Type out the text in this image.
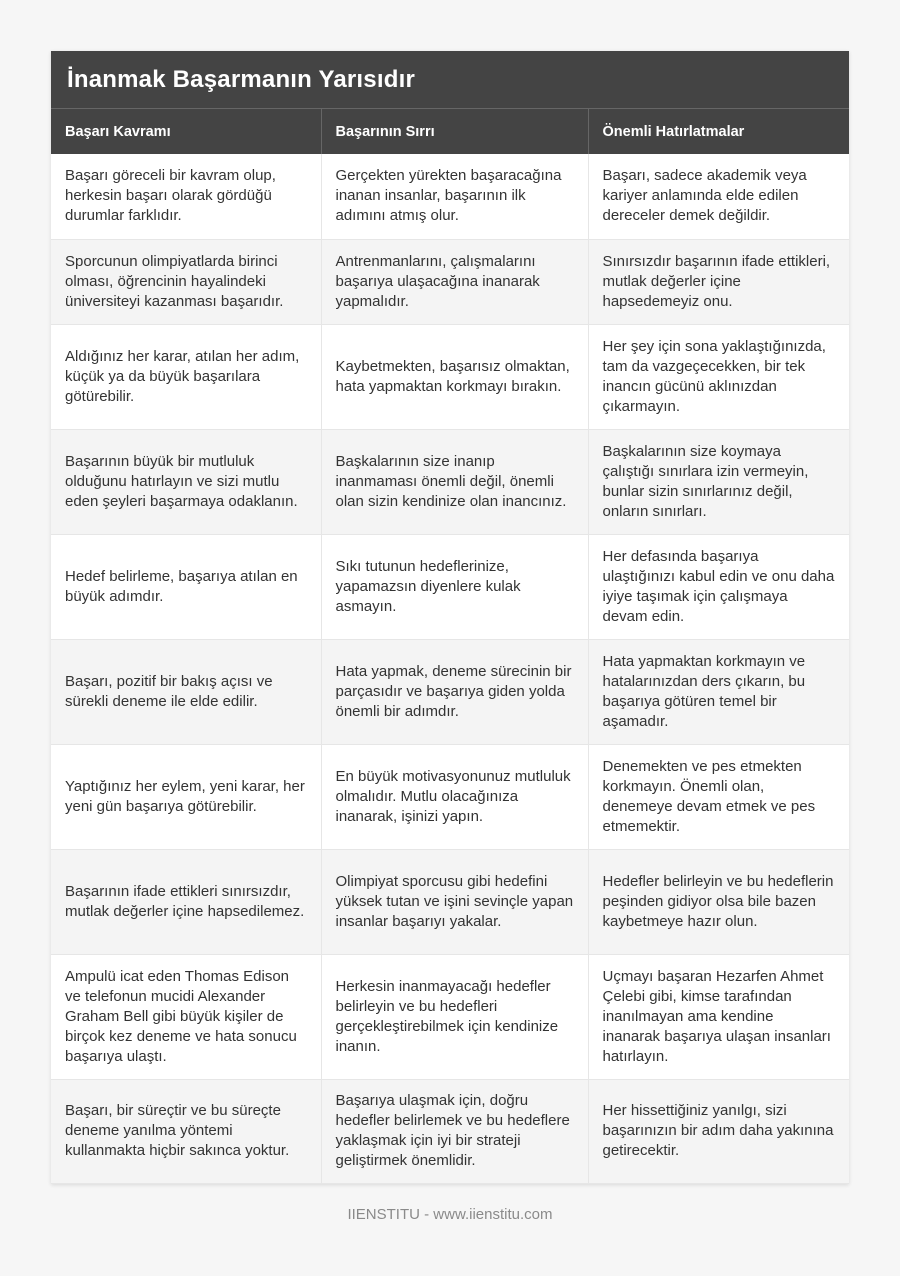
İnanmak Başarmanın Yarısıdır
Başarı Kavramı	Başarının Sırrı	Önemli Hatırlatmalar
Başarı göreceli bir kavram olup, herkesin başarı olarak gördüğü durumlar farklıdır.	Gerçekten yürekten başaracağına inanan insanlar, başarının ilk adımını atmış olur.	Başarı, sadece akademik veya kariyer anlamında elde edilen dereceler demek değildir.
Sporcunun olimpiyatlarda birinci olması, öğrencinin hayalindeki üniversiteyi kazanması başarıdır.	Antrenmanlarını, çalışmalarını başarıya ulaşacağına inanarak yapmalıdır.	Sınırsızdır başarının ifade ettikleri, mutlak değerler içine hapsedemeyiz onu.
Aldığınız her karar, atılan her adım, küçük ya da büyük başarılara götürebilir.	Kaybetmekten, başarısız olmaktan, hata yapmaktan korkmayı bırakın.	Her şey için sona yaklaştığınızda, tam da vazgeçecekken, bir tek inancın gücünü aklınızdan çıkarmayın.
Başarının büyük bir mutluluk olduğunu hatırlayın ve sizi mutlu eden şeyleri başarmaya odaklanın.	Başkalarının size inanıp inanmaması önemli değil, önemli olan sizin kendinize olan inancınız.	Başkalarının size koymaya çalıştığı sınırlara izin vermeyin, bunlar sizin sınırlarınız değil, onların sınırları.
Hedef belirleme, başarıya atılan en büyük adımdır.	Sıkı tutunun hedeflerinize, yapamazsın diyenlere kulak asmayın.	Her defasında başarıya ulaştığınızı kabul edin ve onu daha iyiye taşımak için çalışmaya devam edin.
Başarı, pozitif bir bakış açısı ve sürekli deneme ile elde edilir.	Hata yapmak, deneme sürecinin bir parçasıdır ve başarıya giden yolda önemli bir adımdır.	Hata yapmaktan korkmayın ve hatalarınızdan ders çıkarın, bu başarıya götüren temel bir aşamadır.
Yaptığınız her eylem, yeni karar, her yeni gün başarıya götürebilir.	En büyük motivasyonunuz mutluluk olmalıdır. Mutlu olacağınıza inanarak, işinizi yapın.	Denemekten ve pes etmekten korkmayın. Önemli olan, denemeye devam etmek ve pes etmemektir.
Başarının ifade ettikleri sınırsızdır, mutlak değerler içine hapsedilemez.	Olimpiyat sporcusu gibi hedefini yüksek tutan ve işini sevinçle yapan insanlar başarıyı yakalar.	Hedefler belirleyin ve bu hedeflerin peşinden gidiyor olsa bile bazen kaybetmeye hazır olun.
Ampulü icat eden Thomas Edison ve telefonun mucidi Alexander Graham Bell gibi büyük kişiler de birçok kez deneme ve hata sonucu başarıya ulaştı.	Herkesin inanmayacağı hedefler belirleyin ve bu hedefleri gerçekleştirebilmek için kendinize inanın.	Uçmayı başaran Hezarfen Ahmet Çelebi gibi, kimse tarafından inanılmayan ama kendine inanarak başarıya ulaşan insanları hatırlayın.
Başarı, bir süreçtir ve bu süreçte deneme yanılma yöntemi kullanmakta hiçbir sakınca yoktur.	Başarıya ulaşmak için, doğru hedefler belirlemek ve bu hedeflere yaklaşmak için iyi bir strateji geliştirmek önemlidir.	Her hissettiğiniz yanılgı, sizi başarınızın bir adım daha yakınına getirecektir.
IIENSTITU - www.iienstitu.com
